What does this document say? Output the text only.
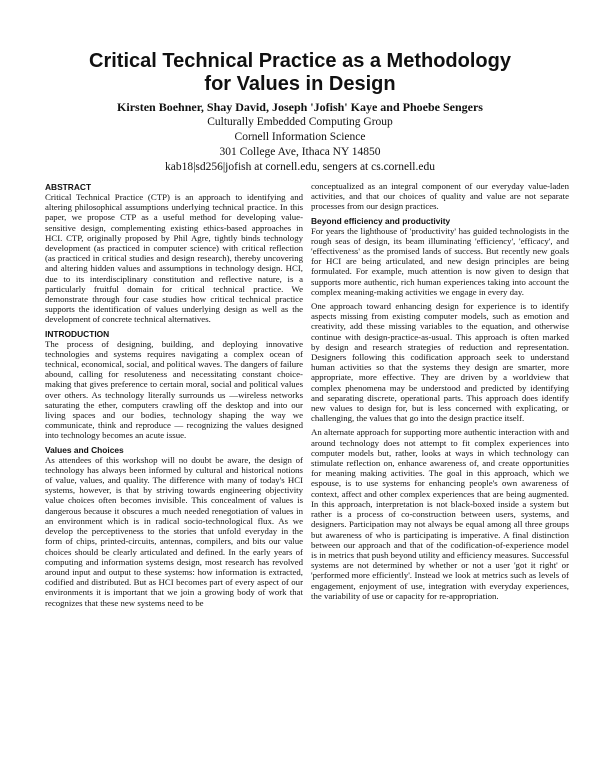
Critical Technical Practice as a Methodology
for Values in Design
Kirsten Boehner, Shay David, Joseph 'Jofish' Kaye and Phoebe Sengers
Culturally Embedded Computing Group
Cornell Information Science
301 College Ave, Ithaca NY 14850
kab18|sd256|jofish at cornell.edu, sengers at cs.cornell.edu
ABSTRACT

Critical Technical Practice (CTP) is an approach to identifying and altering philosophical assumptions underlying technical practice. In this paper, we propose CTP as a useful method for developing value-sensitive design, complementing existing ethics-based approaches in HCI. CTP, originally proposed by Phil Agre, tightly binds technology development (as practiced in computer science) with critical reflection (as practiced in critical studies and design research), thereby uncovering and altering hidden values and assumptions in technology design. HCI, due to its interdisciplinary constitution and reflective nature, is a particularly fruitful domain for critical technical practice. We demonstrate through four case studies how critical technical practice supports the identification of values underlying design as well as the development of concrete technical alternatives.

INTRODUCTION

The process of designing, building, and deploying innovative technologies and systems requires navigating a complex ocean of technical, economical, social, and political waves. The dangers of failure abound, calling for resoluteness and necessitating constant choice-making that gives preference to certain moral, social and political values over others. As technology literally surrounds us —wireless networks saturating the ether, computers crawling off the desktop and into our living spaces and our bodies, technology shaping the way we communicate, think and reproduce — recognizing the values designed into technology becomes an acute issue.

Values and Choices

As attendees of this workshop will no doubt be aware, the design of technology has always been informed by cultural and historical notions of value, values, and quality. The difference with many of today's HCI systems, however, is that by striving towards engineering objectivity value choices often becomes invisible. This concealment of values is dangerous because it obscures a much needed renegotiation of values in an environment which is in radical socio-technological flux. As we develop the perceptiveness to the stories that unfold everyday in the form of chips, printed-circuits, antennas, compilers, and bits our value choices should be clearly articulated and defined. In the early years of computing and information systems design, most research has revolved around input and output to these systems: how information is extracted, codified and distributed. But as HCI becomes part of every aspect of our environments it is important that we join a growing body of work that recognizes that these new systems need to be

conceptualized as an integral component of our everyday value-laden activities, and that our choices of quality and value are not separate processes from our design practices.

Beyond efficiency and productivity

For years the lighthouse of 'productivity' has guided technologists in the rough seas of design, its beam illuminating 'efficiency', 'efficacy', and 'effectiveness' as the promised lands of success. But recently new goals for HCI are being articulated, and new design principles are being formulated. For example, much attention is now given to design that supports more authentic, rich human experiences taking into account the complex meaning-making activities we engage in every day.

One approach toward enhancing design for experience is to identify aspects missing from existing computer models, such as emotion and creativity, add these missing variables to the equation, and otherwise continue with design-practice-as-usual. This approach is often marked by design and research strategies of reduction and representation. Designers following this codification approach seek to understand human activities so that the systems they design are smarter, more appropriate, more effective. They are driven by a worldview that complex phenomena may be understood and predicted by identifying and separating discrete, operational parts. This approach does identify new values to design for, but is less concerned with explicating, or challenging, the values that go into the design practice itself.

An alternate approach for supporting more authentic interaction with and around technology does not attempt to fit complex experiences into computer models but, rather, looks at ways in which technology can stimulate reflection on, enhance awareness of, and create opportunities for meaning making activities. The goal in this approach, which we espouse, is to use systems for enhancing people's own awareness of context, affect and other complex experiences that are being augmented. In this approach, interpretation is not black-boxed inside a system but rather is a process of co-construction between users, systems, and designers. Participation may not always be equal among all three groups but awareness of who is participating is imperative. A final distinction between our approach and that of the codification-of-experience model is in metrics that push beyond utility and efficiency measures. Successful systems are not determined by whether or not a user 'got it right' or 'performed more efficiently'. Instead we look at metrics such as levels of engagement, enjoyment of use, integration with everyday experiences, the variability of use or capacity for re-appropriation.
